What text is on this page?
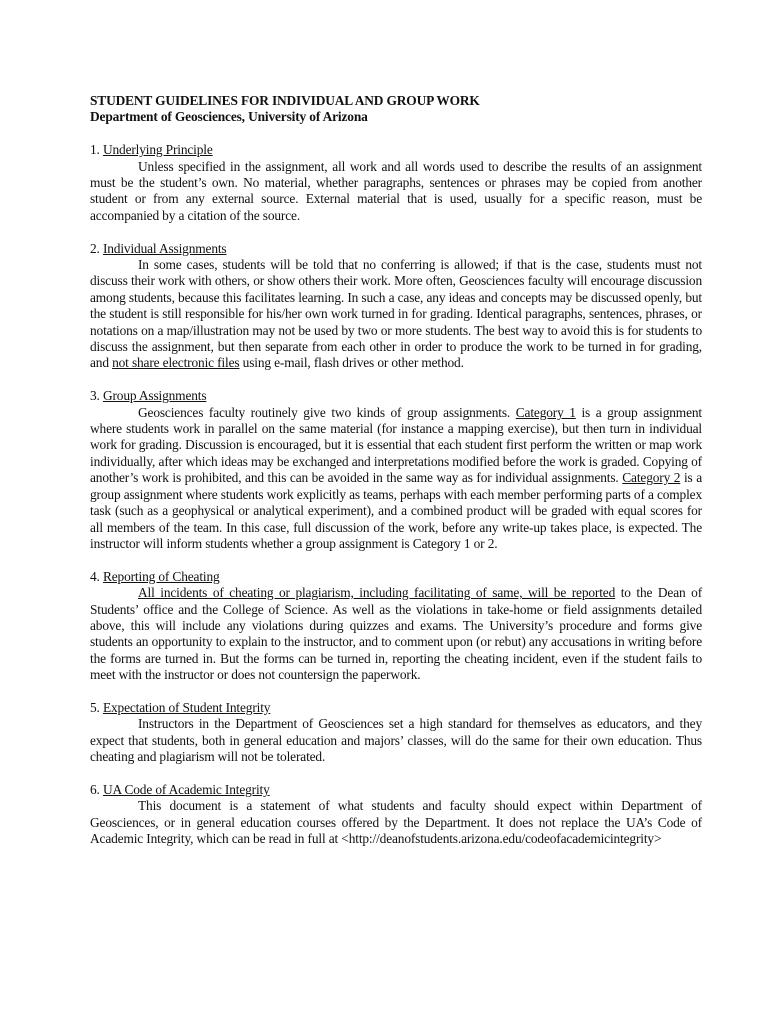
STUDENT GUIDELINES FOR INDIVIDUAL AND GROUP WORK

Department of Geosciences, University of Arizona

1. Underlying Principle

Unless specified in the assignment, all work and all words used to describe the results of an assignment must be the student’s own. No material, whether paragraphs, sentences or phrases may be copied from another student or from any external source. External material that is used, usually for a specific reason, must be accompanied by a citation of the source.

2. Individual Assignments

In some cases, students will be told that no conferring is allowed; if that is the case, students must not discuss their work with others, or show others their work. More often, Geosciences faculty will encourage discussion among students, because this facilitates learning. In such a case, any ideas and concepts may be discussed openly, but the student is still responsible for his/her own work turned in for grading. Identical paragraphs, sentences, phrases, or notations on a map/illustration may not be used by two or more students. The best way to avoid this is for students to discuss the assignment, but then separate from each other in order to produce the work to be turned in for grading, and not share electronic files using e-mail, flash drives or other method.

3. Group Assignments

Geosciences faculty routinely give two kinds of group assignments. Category 1 is a group assignment where students work in parallel on the same material (for instance a mapping exercise), but then turn in individual work for grading. Discussion is encouraged, but it is essential that each student first perform the written or map work individually, after which ideas may be exchanged and interpretations modified before the work is graded. Copying of another’s work is prohibited, and this can be avoided in the same way as for individual assignments. Category 2 is a group assignment where students work explicitly as teams, perhaps with each member performing parts of a complex task (such as a geophysical or analytical experiment), and a combined product will be graded with equal scores for all members of the team. In this case, full discussion of the work, before any write-up takes place, is expected. The instructor will inform students whether a group assignment is Category 1 or 2.

4. Reporting of Cheating

All incidents of cheating or plagiarism, including facilitating of same, will be reported to the Dean of Students’ office and the College of Science. As well as the violations in take-home or field assignments detailed above, this will include any violations during quizzes and exams. The University’s procedure and forms give students an opportunity to explain to the instructor, and to comment upon (or rebut) any accusations in writing before the forms are turned in. But the forms can be turned in, reporting the cheating incident, even if the student fails to meet with the instructor or does not countersign the paperwork.

5. Expectation of Student Integrity

Instructors in the Department of Geosciences set a high standard for themselves as educators, and they expect that students, both in general education and majors’ classes, will do the same for their own education. Thus cheating and plagiarism will not be tolerated.

6. UA Code of Academic Integrity

This document is a statement of what students and faculty should expect within Department of Geosciences, or in general education courses offered by the Department. It does not replace the UA’s Code of Academic Integrity, which can be read in full at <http://deanofstudents.arizona.edu/codeofacademicintegrity>
